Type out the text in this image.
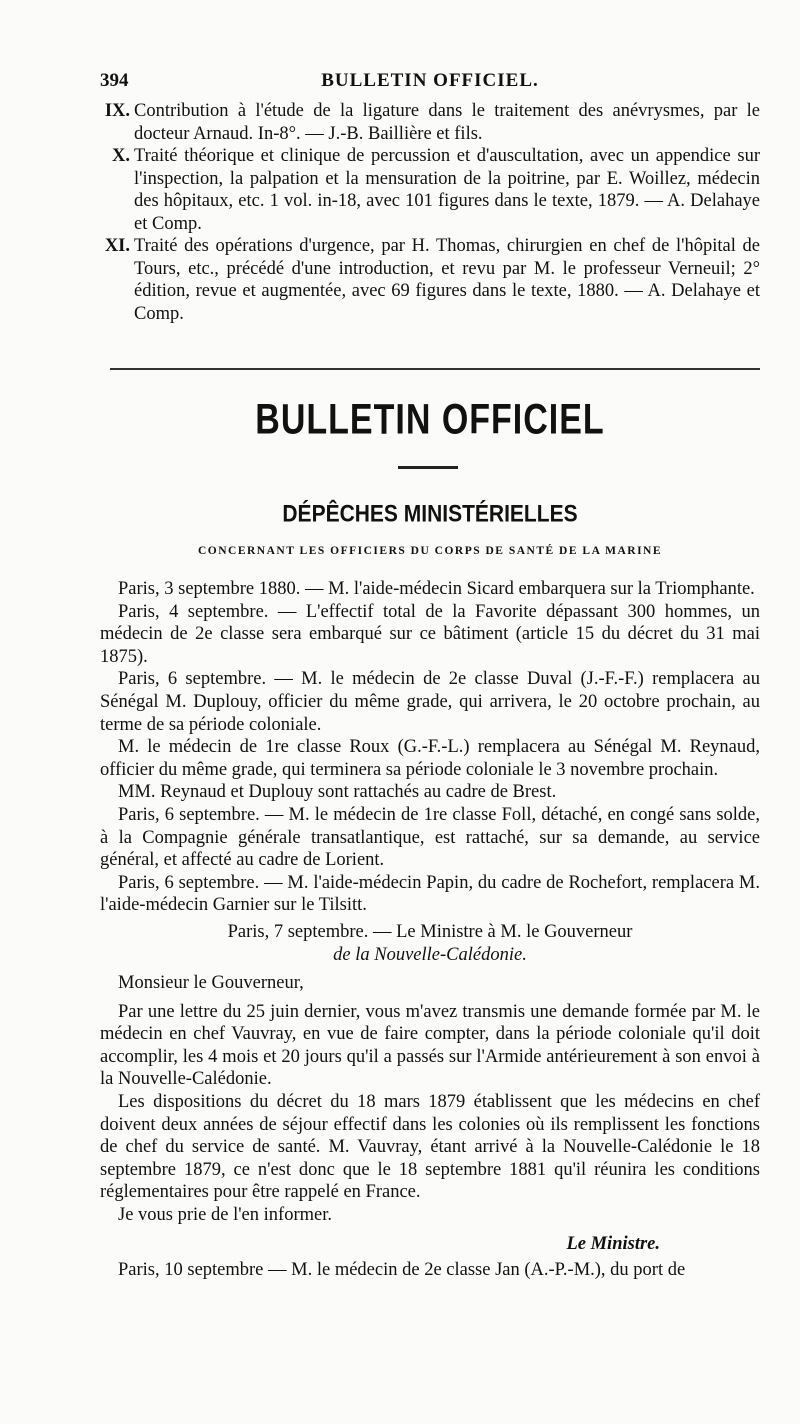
394	BULLETIN OFFICIEL.

IX. Contribution à l'étude de la ligature dans le traitement des anévrysmes, par le docteur Arnaud. In-8°. — J.-B. Baillière et fils.

X. Traité théorique et clinique de percussion et d'auscultation, avec un appendice sur l'inspection, la palpation et la mensuration de la poitrine, par E. Woillez, médecin des hôpitaux, etc. 1 vol. in-18, avec 101 figures dans le texte, 1879. — A. Delahaye et Comp.

XI. Traité des opérations d'urgence, par H. Thomas, chirurgien en chef de l'hôpital de Tours, etc., précédé d'une introduction, et revu par M. le professeur Verneuil; 2° édition, revue et augmentée, avec 69 figures dans le texte, 1880. — A. Delahaye et Comp.

BULLETIN OFFICIEL
DÉPÊCHES MINISTÉRIELLES
CONCERNANT LES OFFICIERS DU CORPS DE SANTÉ DE LA MARINE

Paris, 3 septembre 1880. — M. l'aide-médecin Sicard embarquera sur la Triomphante.

Paris, 4 septembre. — L'effectif total de la Favorite dépassant 300 hommes, un médecin de 2e classe sera embarqué sur ce bâtiment (article 15 du décret du 31 mai 1875).

Paris, 6 septembre. — M. le médecin de 2e classe Duval (J.-F.-F.) remplacera au Sénégal M. Duplouy, officier du même grade, qui arrivera, le 20 octobre prochain, au terme de sa période coloniale.

M. le médecin de 1re classe Roux (G.-F.-L.) remplacera au Sénégal M. Reynaud, officier du même grade, qui terminera sa période coloniale le 3 novembre prochain.

MM. Reynaud et Duplouy sont rattachés au cadre de Brest.

Paris, 6 septembre. — M. le médecin de 1re classe Foll, détaché, en congé sans solde, à la Compagnie générale transatlantique, est rattaché, sur sa demande, au service général, et affecté au cadre de Lorient.

Paris, 6 septembre. — M. l'aide-médecin Papin, du cadre de Rochefort, remplacera M. l'aide-médecin Garnier sur le Tilsitt.

Paris, 7 septembre. — Le Ministre à M. le Gouverneur

de la Nouvelle-Calédonie.

Monsieur le Gouverneur,

Par une lettre du 25 juin dernier, vous m'avez transmis une demande formée par M. le médecin en chef Vauvray, en vue de faire compter, dans la période coloniale qu'il doit accomplir, les 4 mois et 20 jours qu'il a passés sur l'Armide antérieurement à son envoi à la Nouvelle-Calédonie.

Les dispositions du décret du 18 mars 1879 établissent que les médecins en chef doivent deux années de séjour effectif dans les colonies où ils remplissent les fonctions de chef du service de santé. M. Vauvray, étant arrivé à la Nouvelle-Calédonie le 18 septembre 1879, ce n'est donc que le 18 septembre 1881 qu'il réunira les conditions réglementaires pour être rappelé en France.

Je vous prie de l'en informer.

Le Ministre.

Paris, 10 septembre — M. le médecin de 2e classe Jan (A.-P.-M.), du port de
